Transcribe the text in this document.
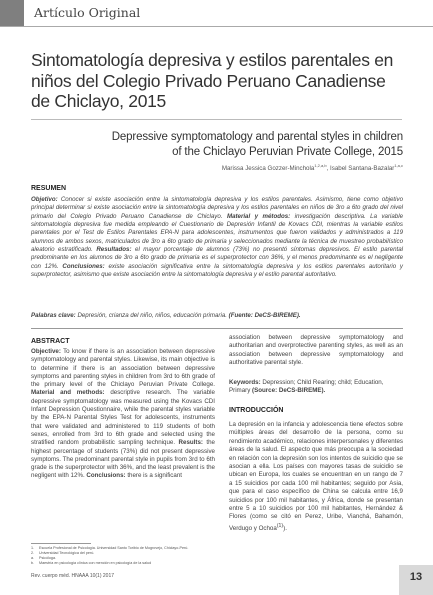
Artículo Original
Sintomatología depresiva y estilos parentales en niños del Colegio Privado Peruano Canadiense de Chiclayo, 2015
Depressive symptomatology and parental styles in children
of the Chiclayo Peruvian Private College, 2015
Marissa Jessica Gozzer-Minchola$^{1,2,a,b}$, Isabel Santana-Bazalar$^{1,a,c}$
RESUMEN
Objetivo: Conocer si existe asociación entre la sintomatología depresiva y los estilos parentales. Asimismo, tiene como objetivo principal determinar si existe asociación entre la sintomatología depresiva y los estilos parentales en niños de 3ro a 6to grado del nivel primario del Colegio Privado Peruano Canadiense de Chiclayo. Material y métodos: investigación descriptiva. La variable sintomatología depresiva fue medida empleando el Cuestionario de Depresión Infantil de Kovacs CDI, mientras la variable estilos parentales por el Test de Estilos Parentales EPA-N para adolescentes, instrumentos que fueron validados y administrados a 119 alumnos de ambos sexos, matriculados de 3ro a 6to grado de primaria y seleccionados mediante la técnica de muestreo probabilístico aleatorio estratificado. Resultados: el mayor porcentaje de alumnos (73%) no presentó síntomas depresivos. El estilo parental predominante en los alumnos de 3ro a 6to grado de primaria es el superprotector con 36%, y el menos predominante es el negligente con 12%. Conclusiones: existe asociación significativa entre la sintomatología depresiva y los estilos parentales autoritario y superprotector, asimismo que existe asociación entre la sintomatología depresiva y el estilo parental autoritativo.
Palabras clave: Depresión, crianza del niño, niños, educación primaria. (Fuente: DeCS-BIREME).
ABSTRACT
Objective: To know if there is an association between depressive symptomatology and parental styles. Likewise, its main objective is to determine if there is an association between depressive symptoms and parenting styles in children from 3rd to 6th grade of the primary level of the Chiclayo Peruvian Private College. Material and methods: descriptive research. The variable depressive symptomatology was measured using the Kovacs CDI Infant Depression Questionnaire, while the parental styles variable by the EPA-N Parental Styles Test for adolescents, instruments that were validated and administered to 119 students of both sexes, enrolled from 3rd to 6th grade and selected using the stratified random probabilistic sampling technique. Results: the highest percentage of students (73%) did not present depressive symptoms. The predominant parental style in pupils from 3rd to 6th grade is the superprotector with 36%, and the least prevalent is the negligent with 12%. Conclusions: there is a significant
association between depressive symptomatology and authoritarian and overprotective parenting styles, as well as an association between depressive symptomatology and authoritative parental style.
Keywords: Depression; Child Rearing; child; Education, Primary (Source: DeCS-BIREME).
INTRODUCCIÓN
La depresión en la infancia y adolescencia tiene efectos sobre múltiples áreas del desarrollo de la persona, como su rendimiento académico, relaciones interpersonales y diferentes áreas de la salud. El aspecto que más preocupa a la sociedad en relación con la depresión son los intentos de suicidio que se asocian a ella. Los países con mayores tasas de suicidio se ubican en Europa, los cuales se encuentran en un rango de 7 a 15 suicidios por cada 100 mil habitantes; seguido por Asia, que para el caso específico de China se calcula entre 16,9 suicidios por 100 mil habitantes, y África, donde se presentan entre 5 a 10 suicidios por 100 mil habitantes, Hernández & Flores (como se citó en Perez, Uribe, Vianchá, Bahamón, Verdugo y Ochoa$^{(1)}$).
1.	Escuela Profesional de Psicología. Universidad Santo Toribio de Mogrovejo, Chiclayo-Perú.
2.	Universidad Tecnológica del perú.
a.	Psicóloga.
b.	Maestría en psicología clínica con mención en psicología de la salud
Rev. cuerpo méd. HNAAA 10(1) 2017	13
